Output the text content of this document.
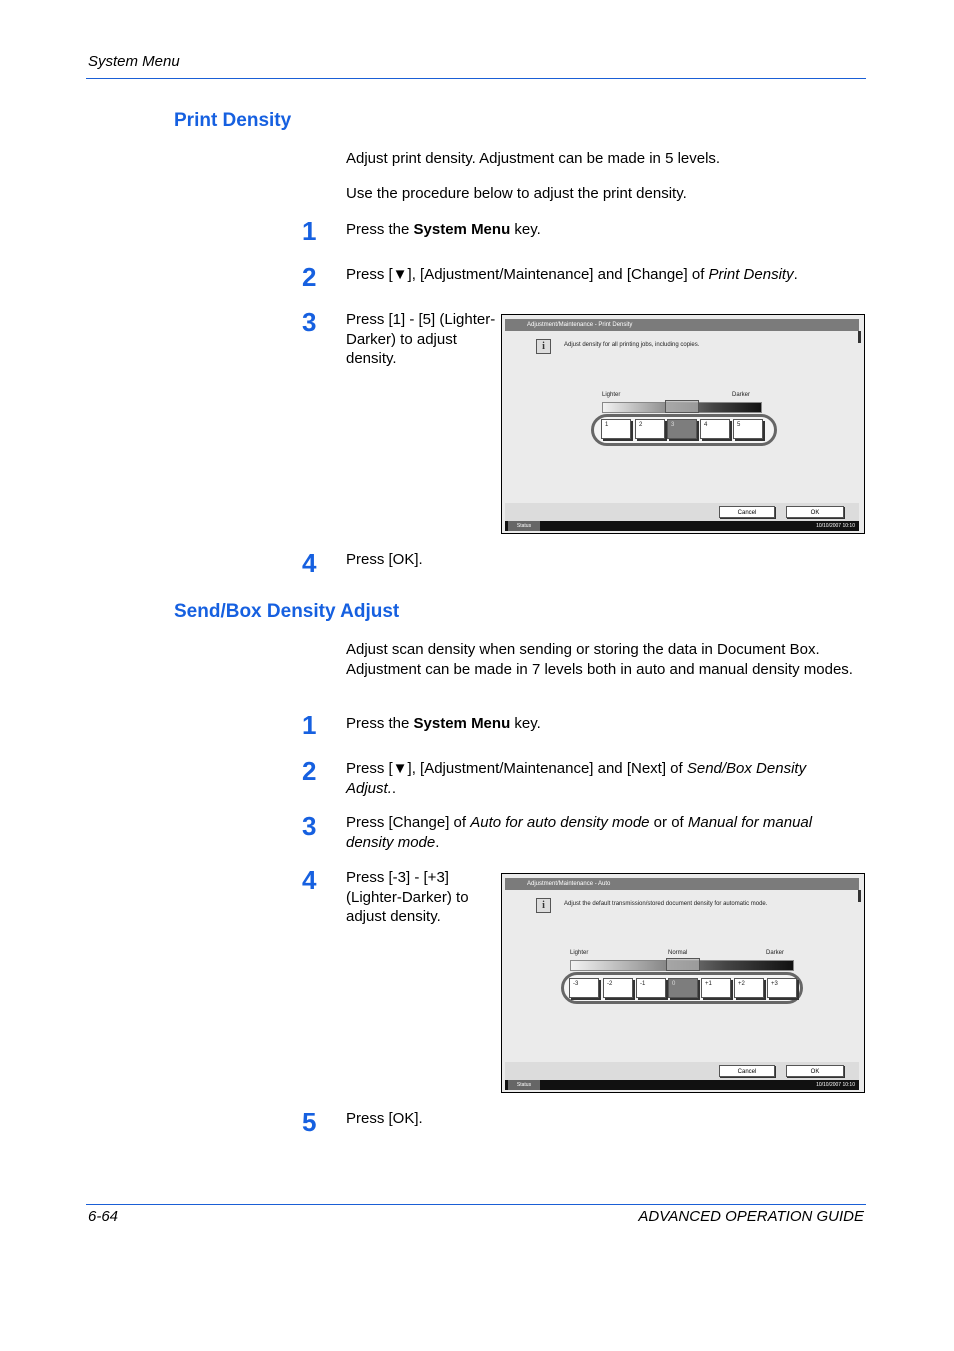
System Menu
Print Density
Adjust print density. Adjustment can be made in 5 levels.
Use the procedure below to adjust the print density.
1 Press the System Menu key.
2 Press [▼], [Adjustment/Maintenance] and [Change] of Print Density.
3 Press [1] - [5] (Lighter-Darker) to adjust density.
Adjustment/Maintenance - Print Density
i	Adjust density for all printing jobs, including copies.
Lighter	Darker
1	2	3	4	5
Cancel	OK
Status	10/10/2007 10:10
4 Press [OK].
Send/Box Density Adjust
Adjust scan density when sending or storing the data in Document Box. Adjustment can be made in 7 levels both in auto and manual density modes.
1 Press the System Menu key.
2 Press [▼], [Adjustment/Maintenance] and [Next] of Send/Box Density Adjust..
3 Press [Change] of Auto for auto density mode or of Manual for manual density mode.
4 Press [-3] - [+3] (Lighter-Darker) to adjust density.
Adjustment/Maintenance - Auto
i	Adjust the default transmission/stored document density for automatic mode.
Lighter	Normal	Darker
-3	-2	-1	0	+1	+2	+3
Cancel	OK
Status	10/10/2007 10:10
5 Press [OK].
6-64	ADVANCED OPERATION GUIDE
